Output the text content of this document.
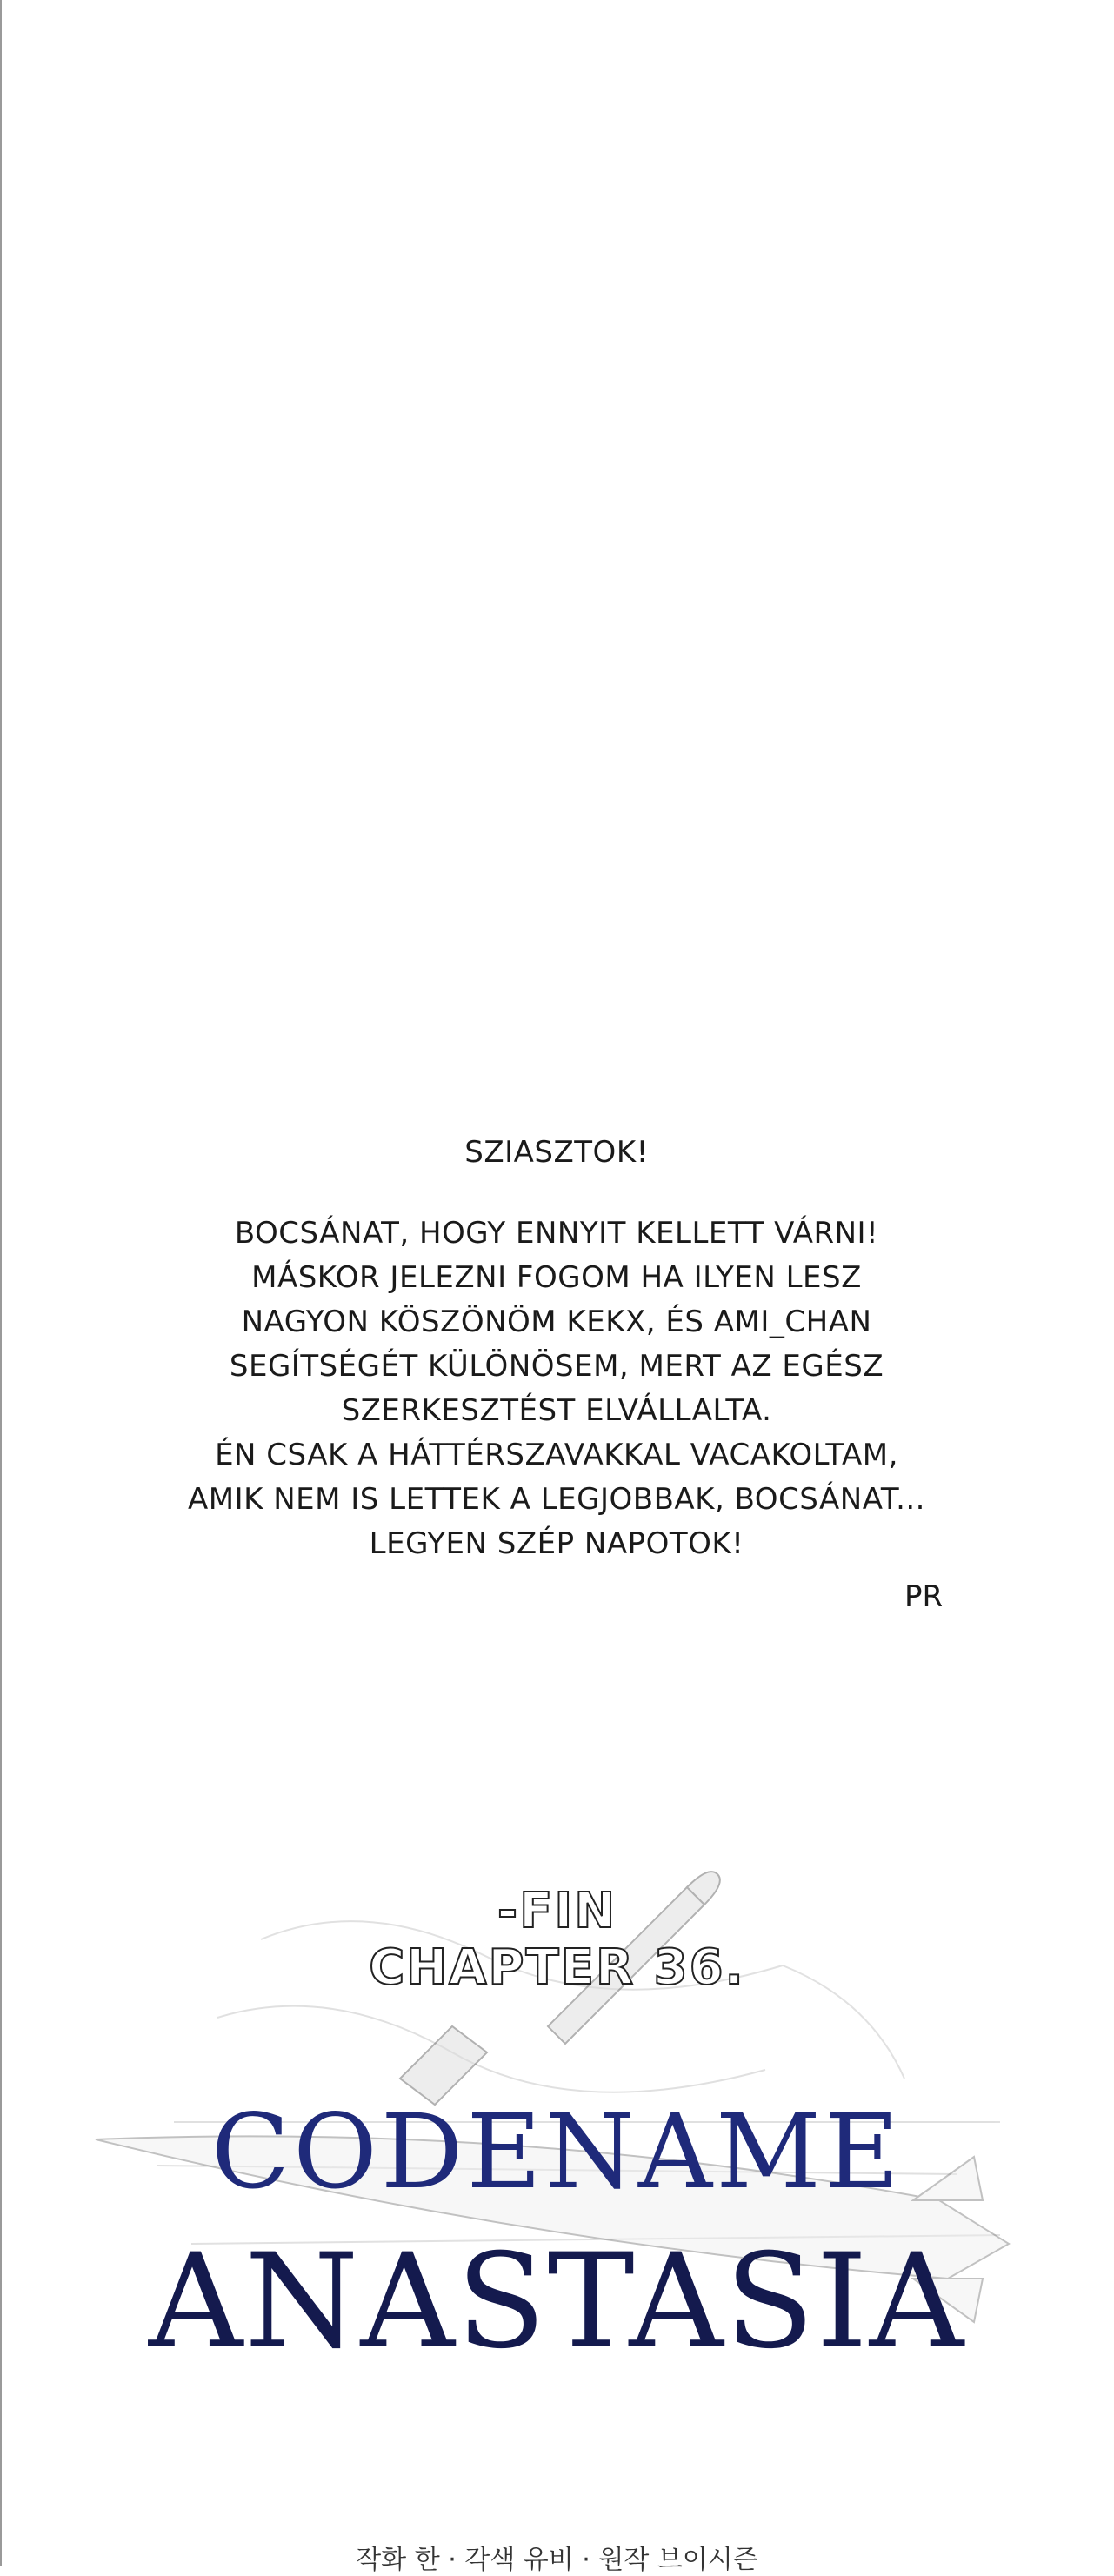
SZIASZTOK!
BOCSÁNAT, HOGY ENNYIT KELLETT VÁRNI!
MÁSKOR JELEZNI FOGOM HA ILYEN LESZ
NAGYON KÖSZÖNÖM KEKX, ÉS AMI_CHAN
SEGÍTSÉGÉT KÜLÖNÖSEM, MERT AZ EGÉSZ
SZERKESZTÉST ELVÁLLALTA.
ÉN CSAK A HÁTTÉRSZAVAKKAL VACAKOLTAM,
AMIK NEM IS LETTEK A LEGJOBBAK, BOCSÁNAT...
LEGYEN SZÉP NAPOTOK!
PR
-FIN
CHAPTER 36.
CODENAME
ANASTASIA
작화 한 · 각색 유비 · 원작 브이시즌
